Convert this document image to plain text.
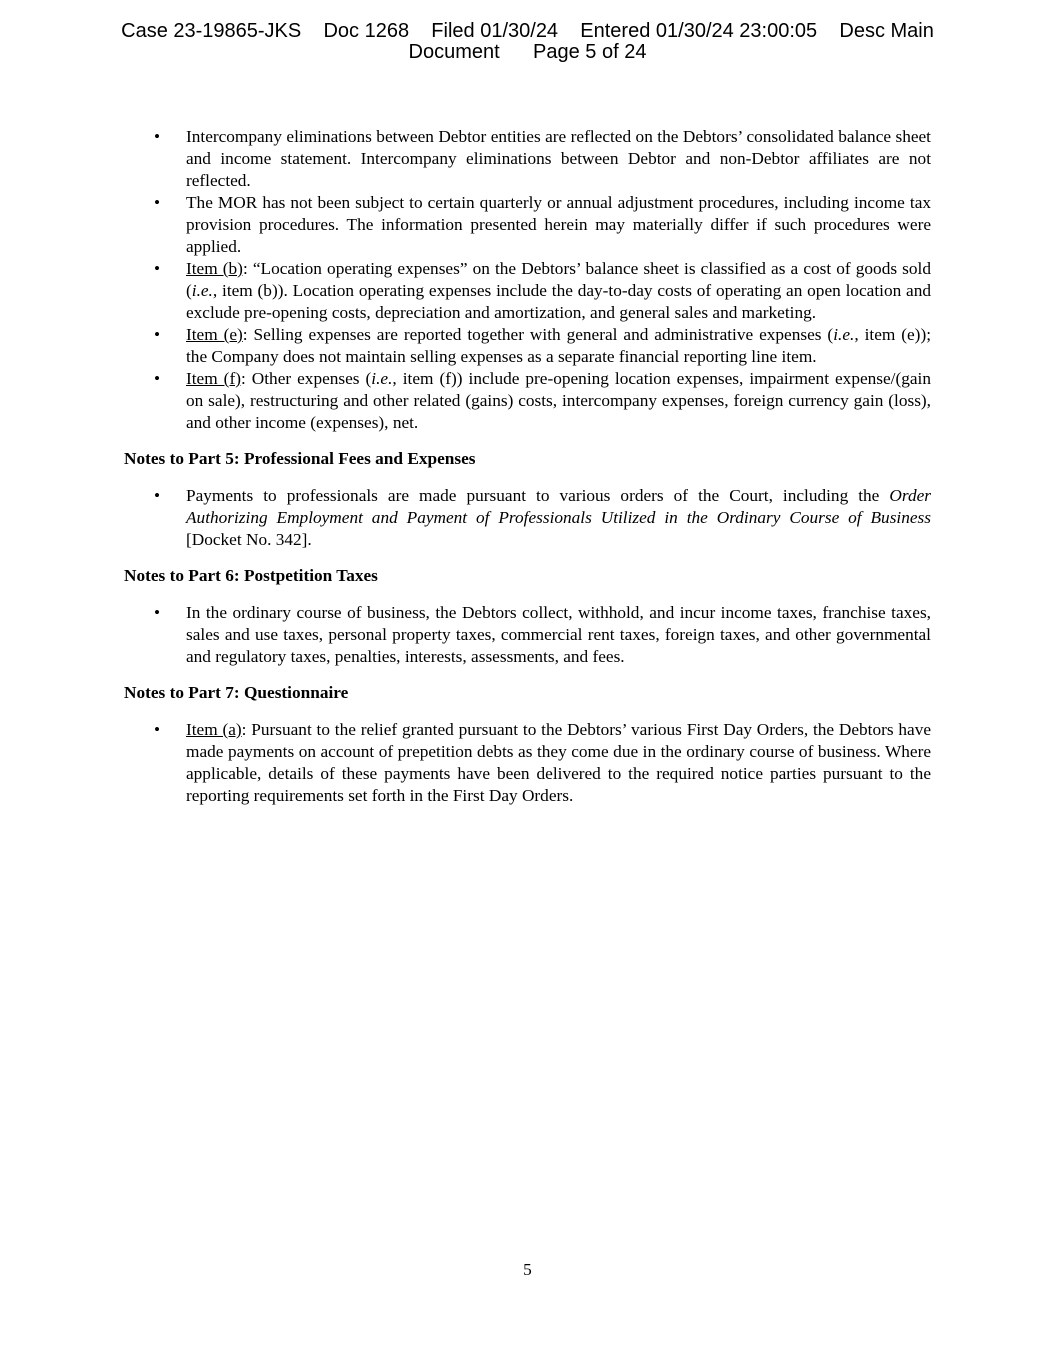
Case 23-19865-JKS    Doc 1268    Filed 01/30/24    Entered 01/30/24 23:00:05    Desc Main
Document      Page 5 of 24
• Intercompany eliminations between Debtor entities are reflected on the Debtors’ consolidated balance sheet and income statement. Intercompany eliminations between Debtor and non-Debtor affiliates are not reflected.
• The MOR has not been subject to certain quarterly or annual adjustment procedures, including income tax provision procedures. The information presented herein may materially differ if such procedures were applied.
• Item (b): “Location operating expenses” on the Debtors’ balance sheet is classified as a cost of goods sold (i.e., item (b)). Location operating expenses include the day-to-day costs of operating an open location and exclude pre-opening costs, depreciation and amortization, and general sales and marketing.
• Item (e): Selling expenses are reported together with general and administrative expenses (i.e., item (e)); the Company does not maintain selling expenses as a separate financial reporting line item.
• Item (f): Other expenses (i.e., item (f)) include pre-opening location expenses, impairment expense/(gain on sale), restructuring and other related (gains) costs, intercompany expenses, foreign currency gain (loss), and other income (expenses), net.

Notes to Part 5: Professional Fees and Expenses

• Payments to professionals are made pursuant to various orders of the Court, including the Order Authorizing Employment and Payment of Professionals Utilized in the Ordinary Course of Business [Docket No. 342].

Notes to Part 6: Postpetition Taxes

• In the ordinary course of business, the Debtors collect, withhold, and incur income taxes, franchise taxes, sales and use taxes, personal property taxes, commercial rent taxes, foreign taxes, and other governmental and regulatory taxes, penalties, interests, assessments, and fees.

Notes to Part 7: Questionnaire

• Item (a): Pursuant to the relief granted pursuant to the Debtors’ various First Day Orders, the Debtors have made payments on account of prepetition debts as they come due in the ordinary course of business. Where applicable, details of these payments have been delivered to the required notice parties pursuant to the reporting requirements set forth in the First Day Orders.
5
